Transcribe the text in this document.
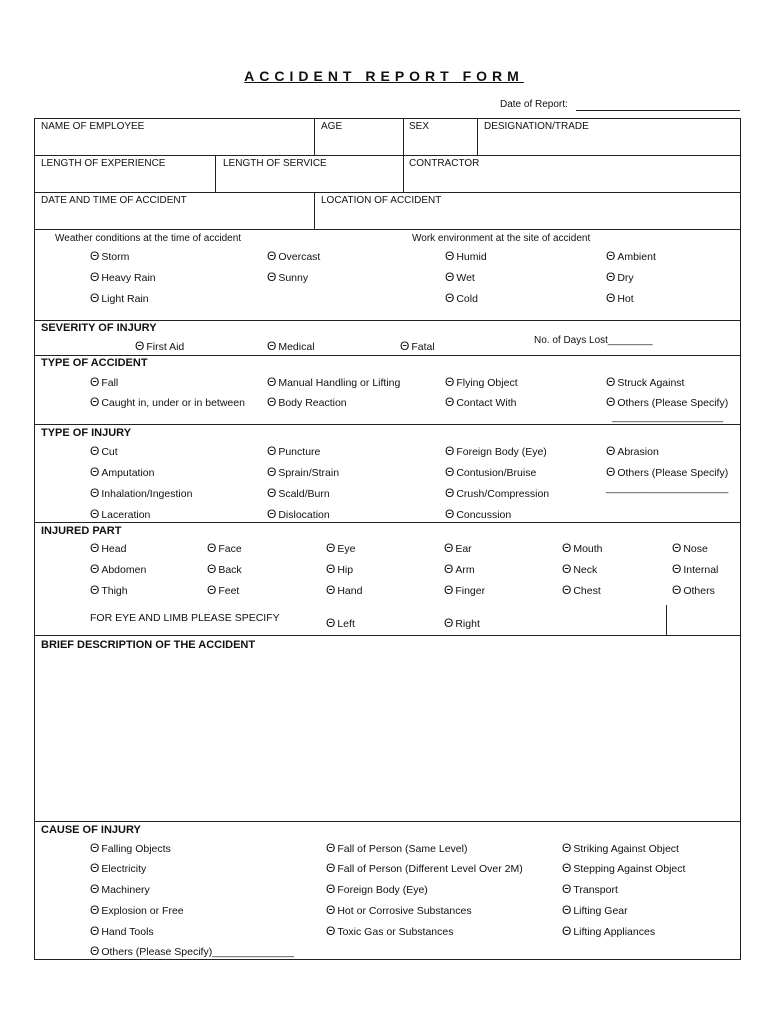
ACCIDENT REPORT FORM
Date of Report:
NAME OF EMPLOYEE	AGE	SEX	DESIGNATION/TRADE
LENGTH OF EXPERIENCE	LENGTH OF SERVICE	CONTRACTOR
DATE AND TIME OF ACCIDENT	LOCATION OF ACCIDENT
Weather conditions at the time of accident	Work environment at the site of accident
Θ Storm
Θ Heavy Rain
Θ Light Rain
Θ Overcast
Θ Sunny
Θ Humid
Θ Wet
Θ Cold
Θ Ambient
Θ Dry
Θ Hot
SEVERITY OF INJURY
Θ First Aid	Θ Medical	Θ Fatal
No. of Days Lost________
TYPE OF ACCIDENT
Θ Fall
Θ Caught in, under or in between
Θ Manual Handling or Lifting
Θ Body Reaction
Θ Flying Object
Θ Contact With
Θ Struck Against
Θ Others (Please Specify)
____________________
TYPE OF INJURY
Θ Cut
Θ Amputation
Θ Inhalation/Ingestion
Θ Laceration
Θ Puncture
Θ Sprain/Strain
Θ Scald/Burn
Θ Dislocation
Θ Foreign Body (Eye)
Θ Contusion/Bruise
Θ Crush/Compression
Θ Concussion
Θ Abrasion
Θ Others (Please Specify)
______________________
INJURED PART
Θ Head
Θ Abdomen
Θ Thigh
Θ Face
Θ Back
Θ Feet
Θ Eye
Θ Hip
Θ Hand
Θ Ear
Θ Arm
Θ Finger
Θ Mouth
Θ Neck
Θ Chest
Θ Nose
Θ Internal
Θ Others
FOR EYE AND LIMB PLEASE SPECIFY	Θ Left	Θ Right
BRIEF DESCRIPTION OF THE ACCIDENT
CAUSE OF INJURY
Θ Falling Objects
Θ Electricity
Θ Machinery
Θ Explosion or Free
Θ Hand Tools
Θ Others (Please Specify)______________
Θ Fall of Person (Same Level)
Θ Fall of Person (Different Level Over 2M)
Θ Foreign Body (Eye)
Θ Hot or Corrosive Substances
Θ Toxic Gas or Substances
Θ Striking Against Object
Θ Stepping Against Object
Θ Transport
Θ Lifting Gear
Θ Lifting Appliances
